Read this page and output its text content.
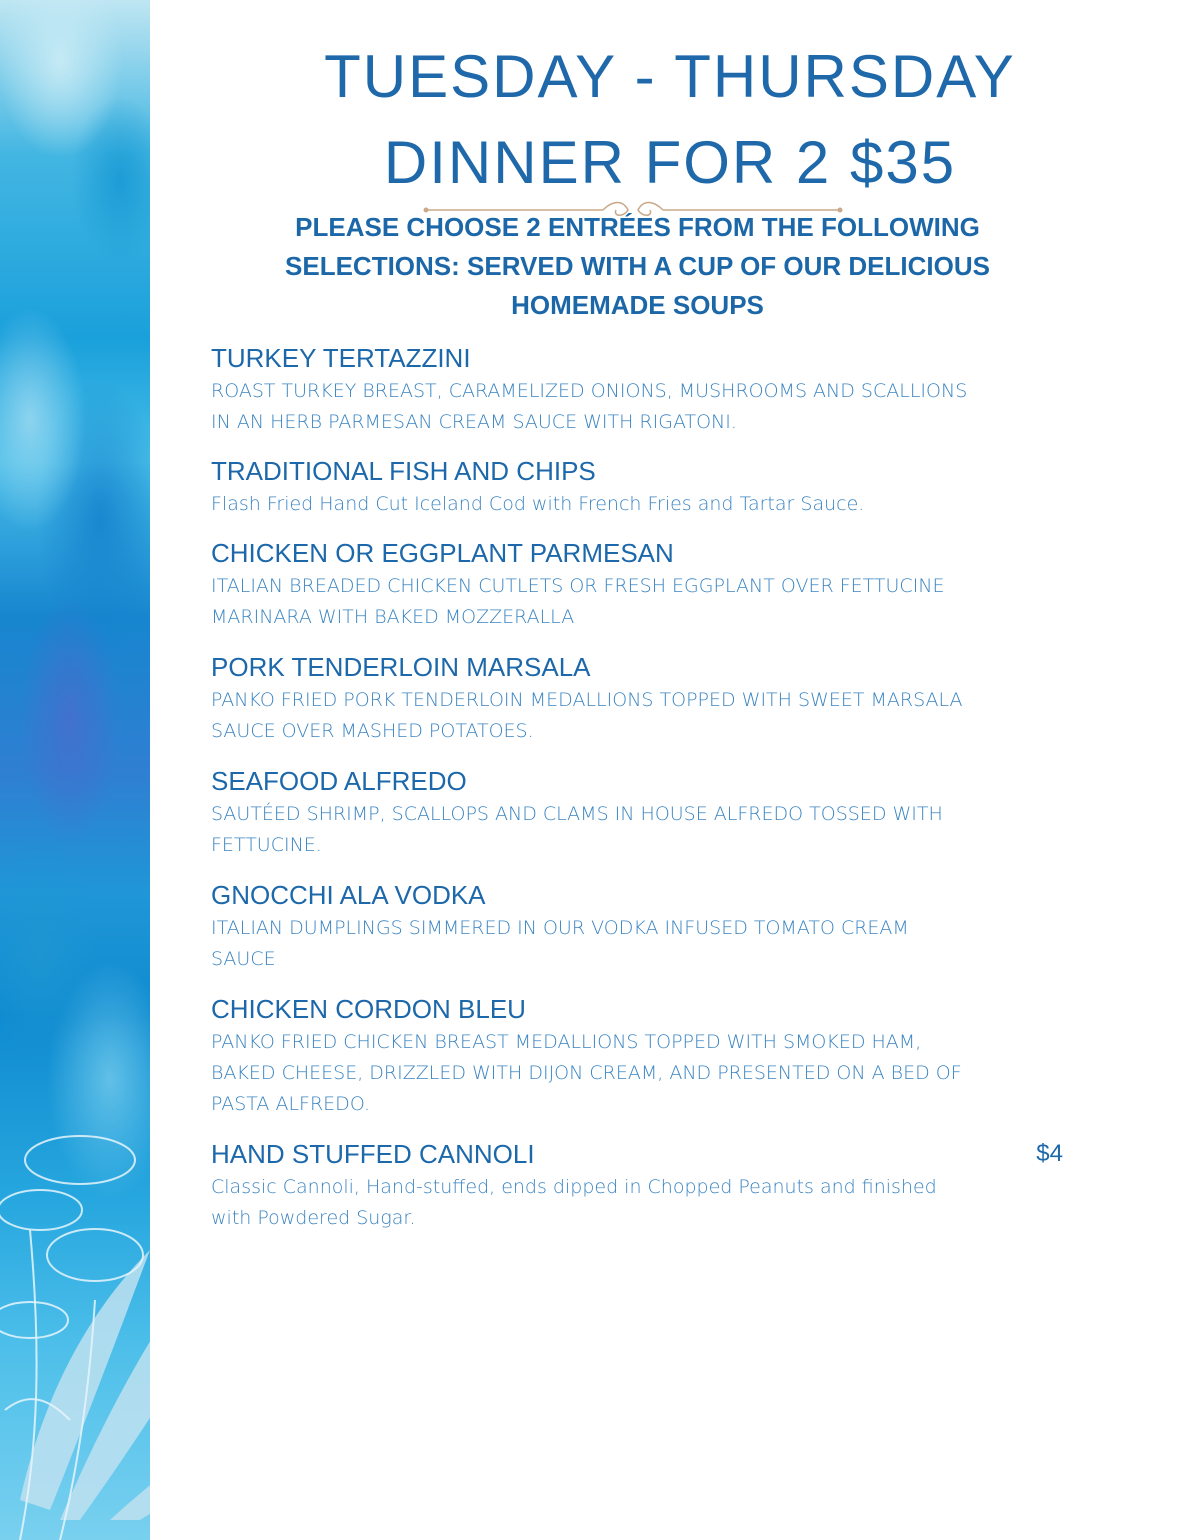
TUESDAY - THURSDAY
DINNER FOR 2 $35

PLEASE CHOOSE 2 ENTRÉES FROM THE FOLLOWING SELECTIONS: SERVED WITH A CUP OF OUR DELICIOUS HOMEMADE SOUPS

TURKEY TERTAZZINI

ROAST TURKEY BREAST, CARAMELIZED ONIONS, MUSHROOMS AND SCALLIONS IN AN HERB PARMESAN CREAM SAUCE WITH RIGATONI.

TRADITIONAL FISH AND CHIPS

Flash Fried Hand Cut Iceland Cod with French Fries and Tartar Sauce.

CHICKEN OR EGGPLANT PARMESAN

ITALIAN BREADED CHICKEN CUTLETS OR FRESH EGGPLANT OVER FETTUCINE MARINARA WITH BAKED MOZZERALLA

PORK TENDERLOIN MARSALA

PANKO FRIED PORK TENDERLOIN MEDALLIONS TOPPED WITH SWEET MARSALA SAUCE OVER MASHED POTATOES.

SEAFOOD ALFREDO

SAUTÉED SHRIMP, SCALLOPS AND CLAMS IN HOUSE ALFREDO TOSSED WITH FETTUCINE.

GNOCCHI ALA VODKA

ITALIAN DUMPLINGS SIMMERED IN OUR VODKA INFUSED TOMATO CREAM SAUCE

CHICKEN CORDON BLEU

PANKO FRIED CHICKEN BREAST MEDALLIONS TOPPED WITH SMOKED HAM, BAKED CHEESE, DRIZZLED WITH DIJON CREAM, AND PRESENTED ON A BED OF PASTA ALFREDO.

HAND STUFFED CANNOLI

Classic Cannoli, Hand-stuffed, ends dipped in Chopped Peanuts and finished with Powdered Sugar.

$4
